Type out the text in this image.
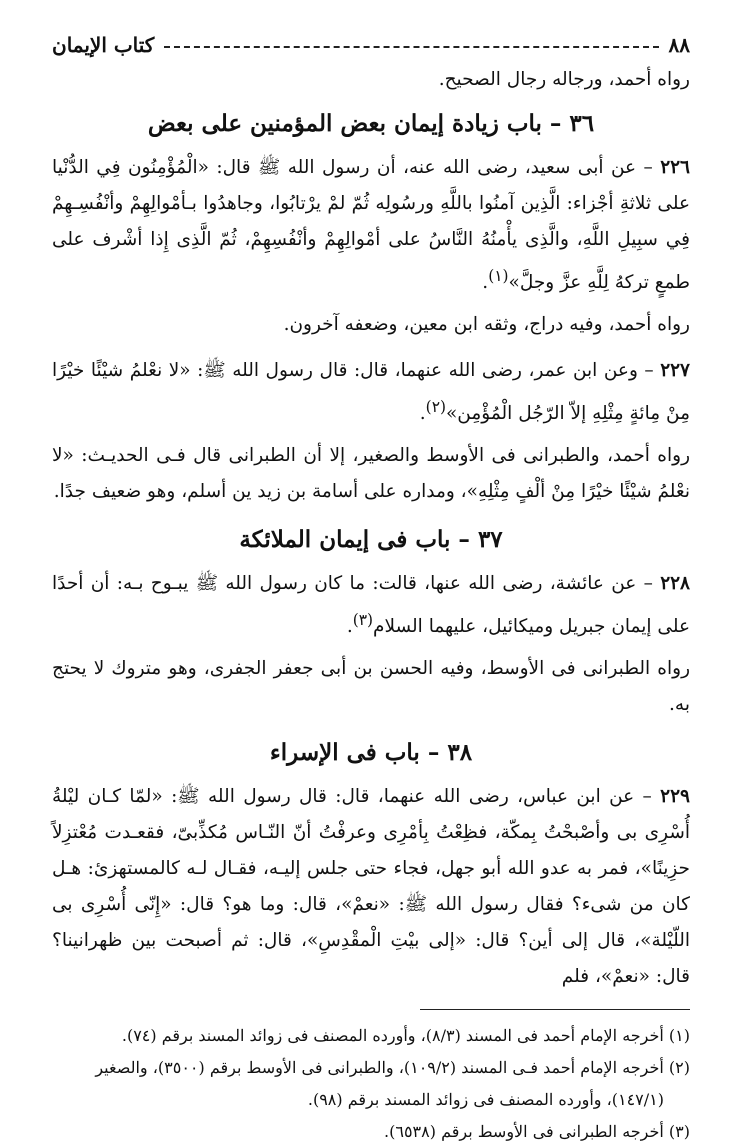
٨٨
كتاب الإيمان
رواه أحمد، ورجاله رجال الصحيح.
٣٦ – باب زيادة إيمان بعض المؤمنين على بعض
٢٢٦ – عن أبى سعيد، رضى الله عنه، أن رسول الله ﷺ قال: «الْمُؤْمِنُون فِي الدُّنْيا على ثلاثةِ أجْزاء: الَّذِين آمنُوا باللَّهِ ورسُولِه ثُمّ لمْ يرْتابُوا، وجاهدُوا بـأمْوالِهِمْ وأنْفُسِـهِمْ فِي سبِيلِ اللَّهِ، والَّذِى يأْمنُهُ النَّاسُ على أمْوالِهِمْ وأنْفُسِهِمْ، ثُمّ الَّذِى إِذا أشْرف على طمعٍ تركهُ لِلَّهِ عزَّ وجلَّ»$^{(١)}$.
رواه أحمد، وفيه دراج، وثقه ابن معين، وضعفه آخرون.
٢٢٧ – وعن ابن عمر، رضى الله عنهما، قال: قال رسول الله ﷺ: «لا نعْلمُ شيْئًا خيْرًا مِنْ مِائةٍ مِثْلِهِ إلاّ الرّجُل الْمُؤْمِن»$^{(٢)}$.
رواه أحمد، والطبرانى فى الأوسط والصغير، إلا أن الطبرانى قال فـى الحديـث: «لا نعْلمُ شيْئًا خيْرًا مِنْ ألْفٍ مِثْلِهِ»، ومداره على أسامة بن زيد ين أسلم، وهو ضعيف جدًا.
٣٧ – باب فى إيمان الملائكة
٢٢٨ – عن عائشة، رضى الله عنها، قالت: ما كان رسول الله ﷺ يبـوح بـه: أن أحدًا على إيمان جبريل وميكائيل، عليهما السلام$^{(٣)}$.
رواه الطبرانى فى الأوسط، وفيه الحسن بن أبى جعفر الجفرى، وهو متروك لا يحتج به.
٣٨ – باب فى الإسراء
٢٢٩ – عن ابن عباس، رضى الله عنهما، قال: قال رسول الله ﷺ: «لمّا كـان ليْلةُ أُسْرِى بى وأصْبحْتُ بِمكّة، فظِعْتُ بِأمْرِى وعرفْتُ أنّ النّـاس مُكذِّبىّ، فقعـدت مُعْتزِلاً حزِينًا»، فمر به عدو الله أبو جهل، فجاء حتى جلس إليـه، فقـال لـه كالمستهزئ: هـل كان من شىء؟ فقال رسول الله ﷺ: «نعمْ»، قال: وما هو؟ قال: «إِنّى أُسْرِى بى اللّيْلة»، قال إلى أين؟ قال: «إلى بيْتِ الْمقْدِسِ»، قال: ثم أصبحت بين ظهرانينا؟ قال: «نعمْ»، فلم
(١) أخرجه الإمام أحمد فى المسند (٨/٣)، وأورده المصنف فى زوائد المسند برقم (٧٤).
(٢) أخرجه الإمام أحمد فـى المسند (١٠٩/٢)، والطبرانى فى الأوسط برقم (٣٥٠٠)، والصغير
(١٤٧/١)، وأورده المصنف فى زوائد المسند برقم (٩٨).
(٣) أخرجه الطبرانى فى الأوسط برقم (٦٥٣٨).
